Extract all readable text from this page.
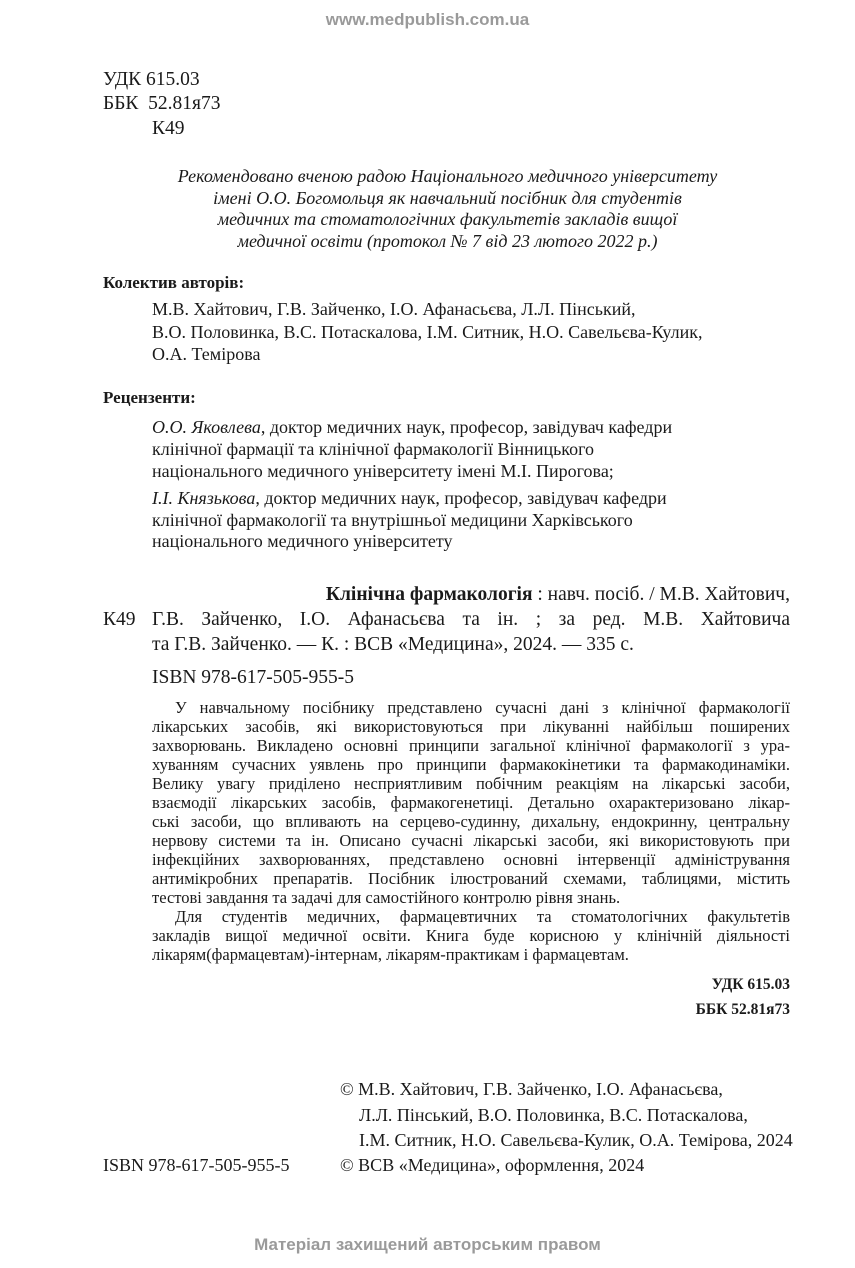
www.medpublish.com.ua
УДК 615.03
ББК  52.81я73
К49
Рекомендовано вченою радою Національного медичного університету
імені О.О. Богомольця як навчальний посібник для студентів
медичних та стоматологічних факультетів закладів вищої
медичної освіти (протокол № 7 від 23 лютого 2022 р.)
Колектив авторів:
М.В. Хайтович, Г.В. Зайченко, І.О. Афанасьєва, Л.Л. Пінський,
В.О. Половинка, В.С. Потаскалова, І.М. Ситник, Н.О. Савельєва-Кулик,
О.А. Темірова
Рецензенти:
О.О. Яковлева, доктор медичних наук, професор, завідувач кафедри
клінічної фармації та клінічної фармакології Вінницького
національного медичного університету імені М.І. Пирогова;
І.І. Князькова, доктор медичних наук, професор, завідувач кафедри
клінічної фармакології та внутрішньої медицини Харківського
національного медичного університету
Клінічна фармакологія : навч. посіб. / М.В. Хайтович,
К49 Г.В. Зайченко, І.О. Афанасьєва та ін. ; за ред. М.В. Хайтовича
та Г.В. Зайченко. — К. : ВСВ «Медицина», 2024. — 335 с.
ISBN 978-617-505-955-5
У навчальному посібнику представлено сучасні дані з клінічної фармакології
лікарських засобів, які використовуються при лікуванні найбільш поширених
захворювань. Викладено основні принципи загальної клінічної фармакології з ура-
хуванням сучасних уявлень про принципи фармакокінетики та фармакодинаміки.
Велику увагу приділено несприятливим побічним реакціям на лікарські засоби,
взаємодії лікарських засобів, фармакогенетиці. Детально охарактеризовано лікар-
ські засоби, що впливають на серцево-судинну, дихальну, ендокринну, центральну
нервову системи та ін. Описано сучасні лікарські засоби, які використовують при
інфекційних захворюваннях, представлено основні інтервенції адміністрування
антимікробних препаратів. Посібник ілюстрований схемами, таблицями, містить
тестові завдання та задачі для самостійного контролю рівня знань.
Для студентів медичних, фармацевтичних та стоматологічних факультетів
закладів вищої медичної освіти. Книга буде корисною у клінічній діяльності
лікарям(фармацевтам)-інтернам, лікарям-практикам і фармацевтам.
УДК 615.03
ББК 52.81я73
© М.В. Хайтович, Г.В. Зайченко, І.О. Афанасьєва,
Л.Л. Пінський, В.О. Половинка, В.С. Потаскалова,
І.М. Ситник, Н.О. Савельєва-Кулик, О.А. Темірова, 2024
© ВСВ «Медицина», оформлення, 2024
ISBN 978-617-505-955-5
Матеріал захищений авторським правом
